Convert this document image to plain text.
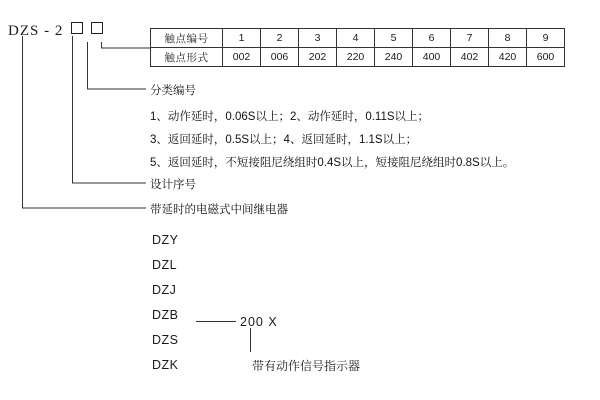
DZS - 2	触点编号	1	2	3	4	5	6	7	8	9
触点形式	002	006	202	220	240	400	402	420	600
分类编号
1、动作延时，0.06S以上；2、动作延时，0.11S以上；
3、返回延时，0.5S以上；4、返回延时，1.1S以上；
5、返回延时，不短接阻尼绕组时0.4S以上，短接阻尼绕组时0.8S以上。
设计序号
带延时的电磁式中间继电器
DZY
DZL
DZJ
DZB
DZS
DZK
200 X
带有动作信号指示器
